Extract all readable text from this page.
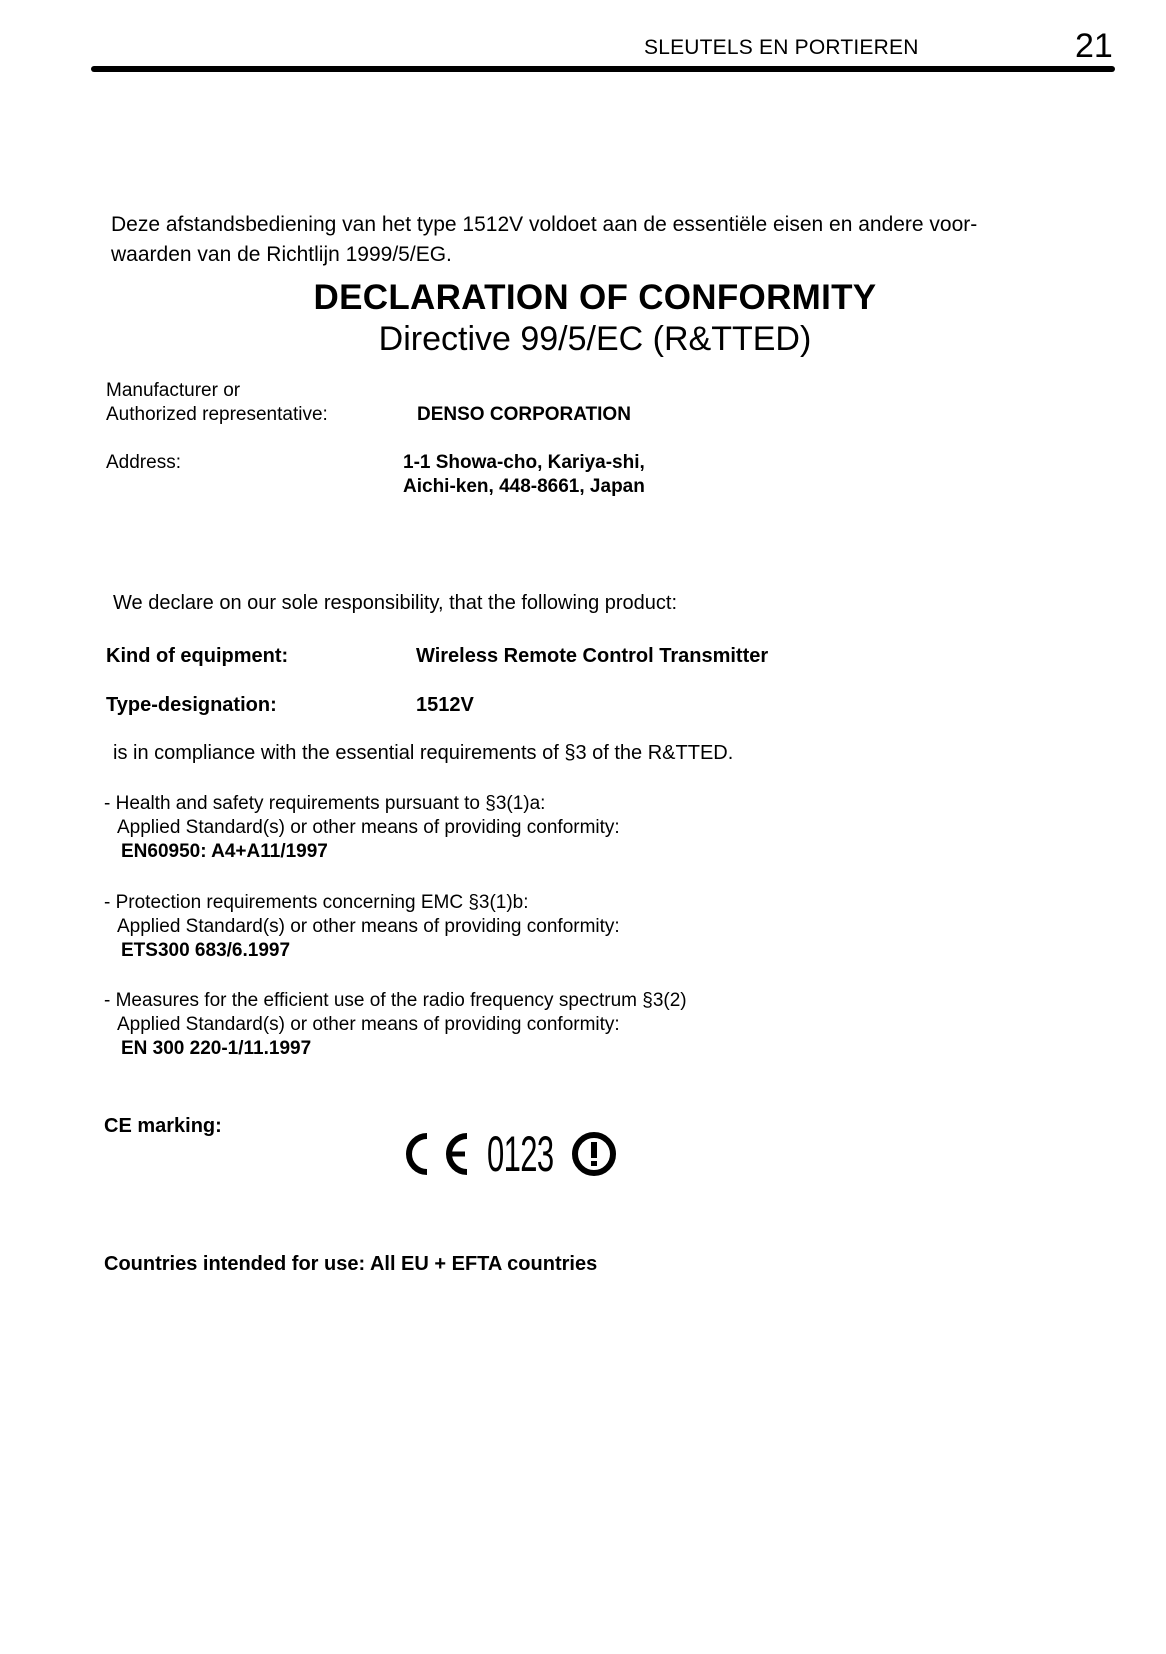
SLEUTELS EN PORTIEREN	21
Deze afstandsbediening van het type 1512V voldoet aan de essentiële eisen en andere voor-
waarden van de Richtlijn 1999/5/EG.
DECLARATION OF CONFORMITY
Directive 99/5/EC (R&TTED)
Manufacturer or
Authorized representative:	DENSO CORPORATION
Address:	1-1 Showa-cho, Kariya-shi,
Aichi-ken, 448-8661, Japan
We declare on our sole responsibility, that the following product:
Kind of equipment:	Wireless Remote Control Transmitter
Type-designation:	1512V
is in compliance with the essential requirements of §3 of the R&TTED.
- Health and safety requirements pursuant to §3(1)a:
Applied Standard(s) or other means of providing conformity:
EN60950: A4+A11/1997
- Protection requirements concerning EMC §3(1)b:
Applied Standard(s) or other means of providing conformity:
ETS300 683/6.1997
- Measures for the efficient use of the radio frequency spectrum §3(2)
Applied Standard(s) or other means of providing conformity:
EN 300 220-1/11.1997
CE marking:	0123
Countries intended for use: All EU + EFTA countries
